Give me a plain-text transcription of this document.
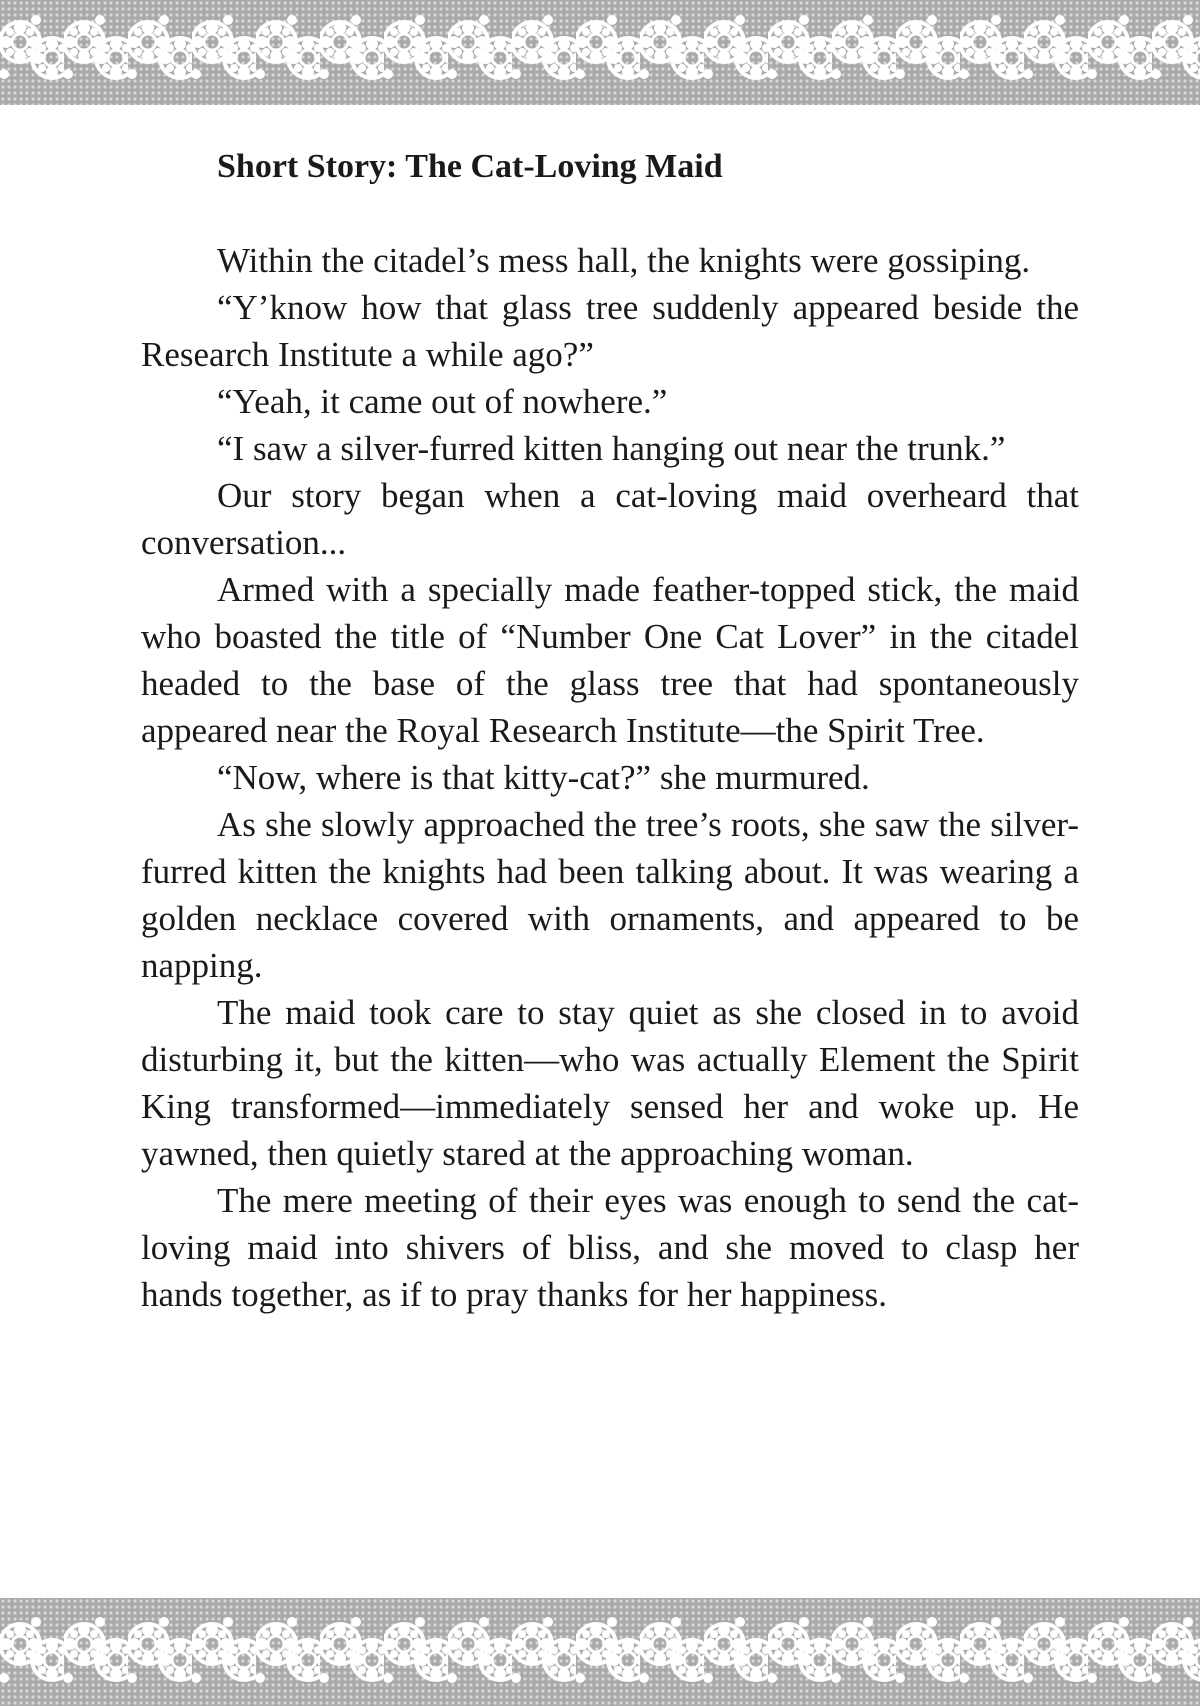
Short Story: The Cat-Loving Maid

Within the citadel’s mess hall, the knights were gossiping.

“Y’know how that glass tree suddenly appeared beside the Research Institute a while ago?”

“Yeah, it came out of nowhere.”

“I saw a silver-furred kitten hanging out near the trunk.”

Our story began when a cat-loving maid overheard that conversation...

Armed with a specially made feather-topped stick, the maid who boasted the title of “Number One Cat Lover” in the citadel headed to the base of the glass tree that had spontaneously appeared near the Royal Research Institute—the Spirit Tree.

“Now, where is that kitty-cat?” she murmured.

As she slowly approached the tree’s roots, she saw the silver-furred kitten the knights had been talking about. It was wearing a golden necklace covered with ornaments, and appeared to be napping.

The maid took care to stay quiet as she closed in to avoid disturbing it, but the kitten—who was actually Element the Spirit King transformed—immediately sensed her and woke up. He yawned, then quietly stared at the approaching woman.

The mere meeting of their eyes was enough to send the cat-loving maid into shivers of bliss, and she moved to clasp her hands together, as if to pray thanks for her happiness.
